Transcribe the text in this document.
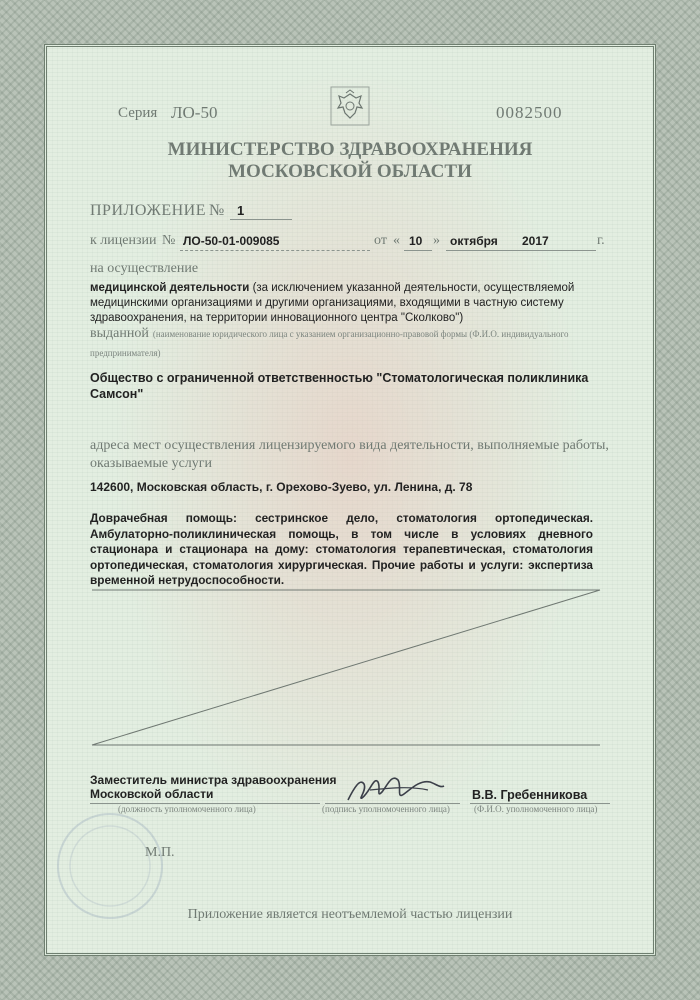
Серия ЛО-50	0082500
МИНИСТЕРСТВО ЗДРАВООХРАНЕНИЯ
МОСКОВСКОЙ ОБЛАСТИ
ПРИЛОЖЕНИЕ № 1
к лицензии № ЛО-50-01-009085	от « 10 » октября 2017	г.
на осуществление
медицинской деятельности (за исключением указанной деятельности, осуществляемой медицинскими организациями и другими организациями, входящими в частную систему здравоохранения, на территории инновационного центра "Сколково")
выданной (наименование юридического лица с указанием организационно-правовой формы (Ф.И.О. индивидуального предпринимателя)
Общество с ограниченной ответственностью "Стоматологическая поликлиника Самсон"
адреса мест осуществления лицензируемого вида деятельности, выполняемые работы, оказываемые услуги
142600, Московская область, г. Орехово-Зуево, ул. Ленина, д. 78
Доврачебная помощь: сестринское дело, стоматология ортопедическая. Амбулаторно-поликлиническая помощь, в том числе в условиях дневного стационара и стационара на дому: стоматология терапевтическая, стоматология ортопедическая, стоматология хирургическая. Прочие работы и услуги: экспертиза временной нетрудоспособности.
Заместитель министра здравоохранения Московской области
(должность уполномоченного лица)	(подпись уполномоченного лица)
В.В. Гребенникова
(Ф.И.О. уполномоченного лица)
М.П.
Приложение является неотъемлемой частью лицензии
